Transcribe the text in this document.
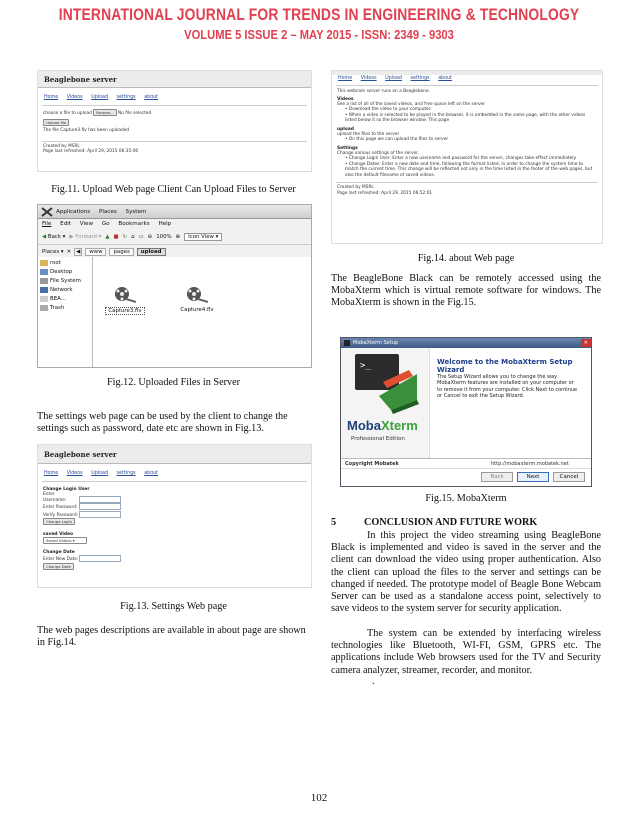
INTERNATIONAL JOURNAL FOR TRENDS IN ENGINEERING & TECHNOLOGY
VOLUME 5 ISSUE 2 – MAY 2015 - ISSN: 2349 - 9303
Beaglebone server
Home Videos Upload settings about
choose a file to upload Browse... No file selected.
Upload file
The file Capture3.flv has been uploaded
Created by MSRL
Page last refreshed: April 29, 2015 06:35:06
Fig.11. Upload Web page Client Can Upload Files to Server
Applications Places System
File Edit View Go Bookmarks Help
◀ Back ▾ ▶ Forward ▾ ▲ ■ ↻ ⌂ ▭ ⊖ 100% ⊕	Icon View ▾
Places ▾ ✕ ◀	www	pages	upload
root
Desktop
File System
Network
BEA...
Trash	Capture3.flv	Capture4.flv
Fig.12. Uploaded Files in Server
The settings web page can be used by the client to change the settings such as password, date etc are shown in Fig.13.
Beaglebone server
Home Videos Upload settings about
Change Login User
Enter Username:
Enter Password:
Verify Password:
Change Login
saved Video
Saved Videos ▾
Change Date
Enter New Date:
Change Date
Fig.13. Settings Web page
The web pages descriptions are available in about page are shown in Fig.14.
Home Videos Upload settings about
This webcam server runs on a Beaglebone.
Videos
See a list of all of the saved videos, and free space left on the server
• Download the video to your computer.
• When a video is selected to be played in the browser, it is embedded in the same page, with the other videos listed below it so the browser window. This page
upload
upload the files to the server
• On this page we can upload the files to server
Settings
Change various settings of the server.
• Change Login User: Enter a new username and password for the server, changes take effect immediately.
• Change Dates: Enter a new date and time, following the format listed, in order to change the system time to match the current time. This change will be reflected not only in the time listed in the footer of the web pages, but also the default filename of saved videos.
Created by MSRL
Page last refreshed: April 29, 2015 06:52:01
Fig.14. about Web page
The BeagleBone Black can be remotely accessed using the MobaXterm which is virtual remote software for windows. The MobaXterm is shown in the Fig.15.
MobaXterm Setup	✕
>_
MobaXterm
Professional Edition
Welcome to the MobaXterm Setup Wizard
The Setup Wizard allows you to change the way MobaXterm features are installed on your computer or to remove it from your computer. Click Next to continue or Cancel to exit the Setup Wizard.
Copyright Mobatek	http://mobaxterm.mobatek.net
Back	Next	Cancel
Fig.15. MobaXterm
5	CONCLUSION AND FUTURE WORK
In this project the video streaming using BeagleBone Black is implemented and video is saved in the server and the client can download the video using proper authentication. Also the client can upload the files to the server and settings can be changed if needed. The prototype model of Beagle Bone Webcam Server can be used as a standalone access point, selectively to save videos to the system server for security application.
The system can be extended by interfacing wireless technologies like Bluetooth, WI-FI, GSM, GPRS etc. The applications include Web browsers used for the TV and Security camera analyzer, streamer, recorder, and monitor.
.
102
